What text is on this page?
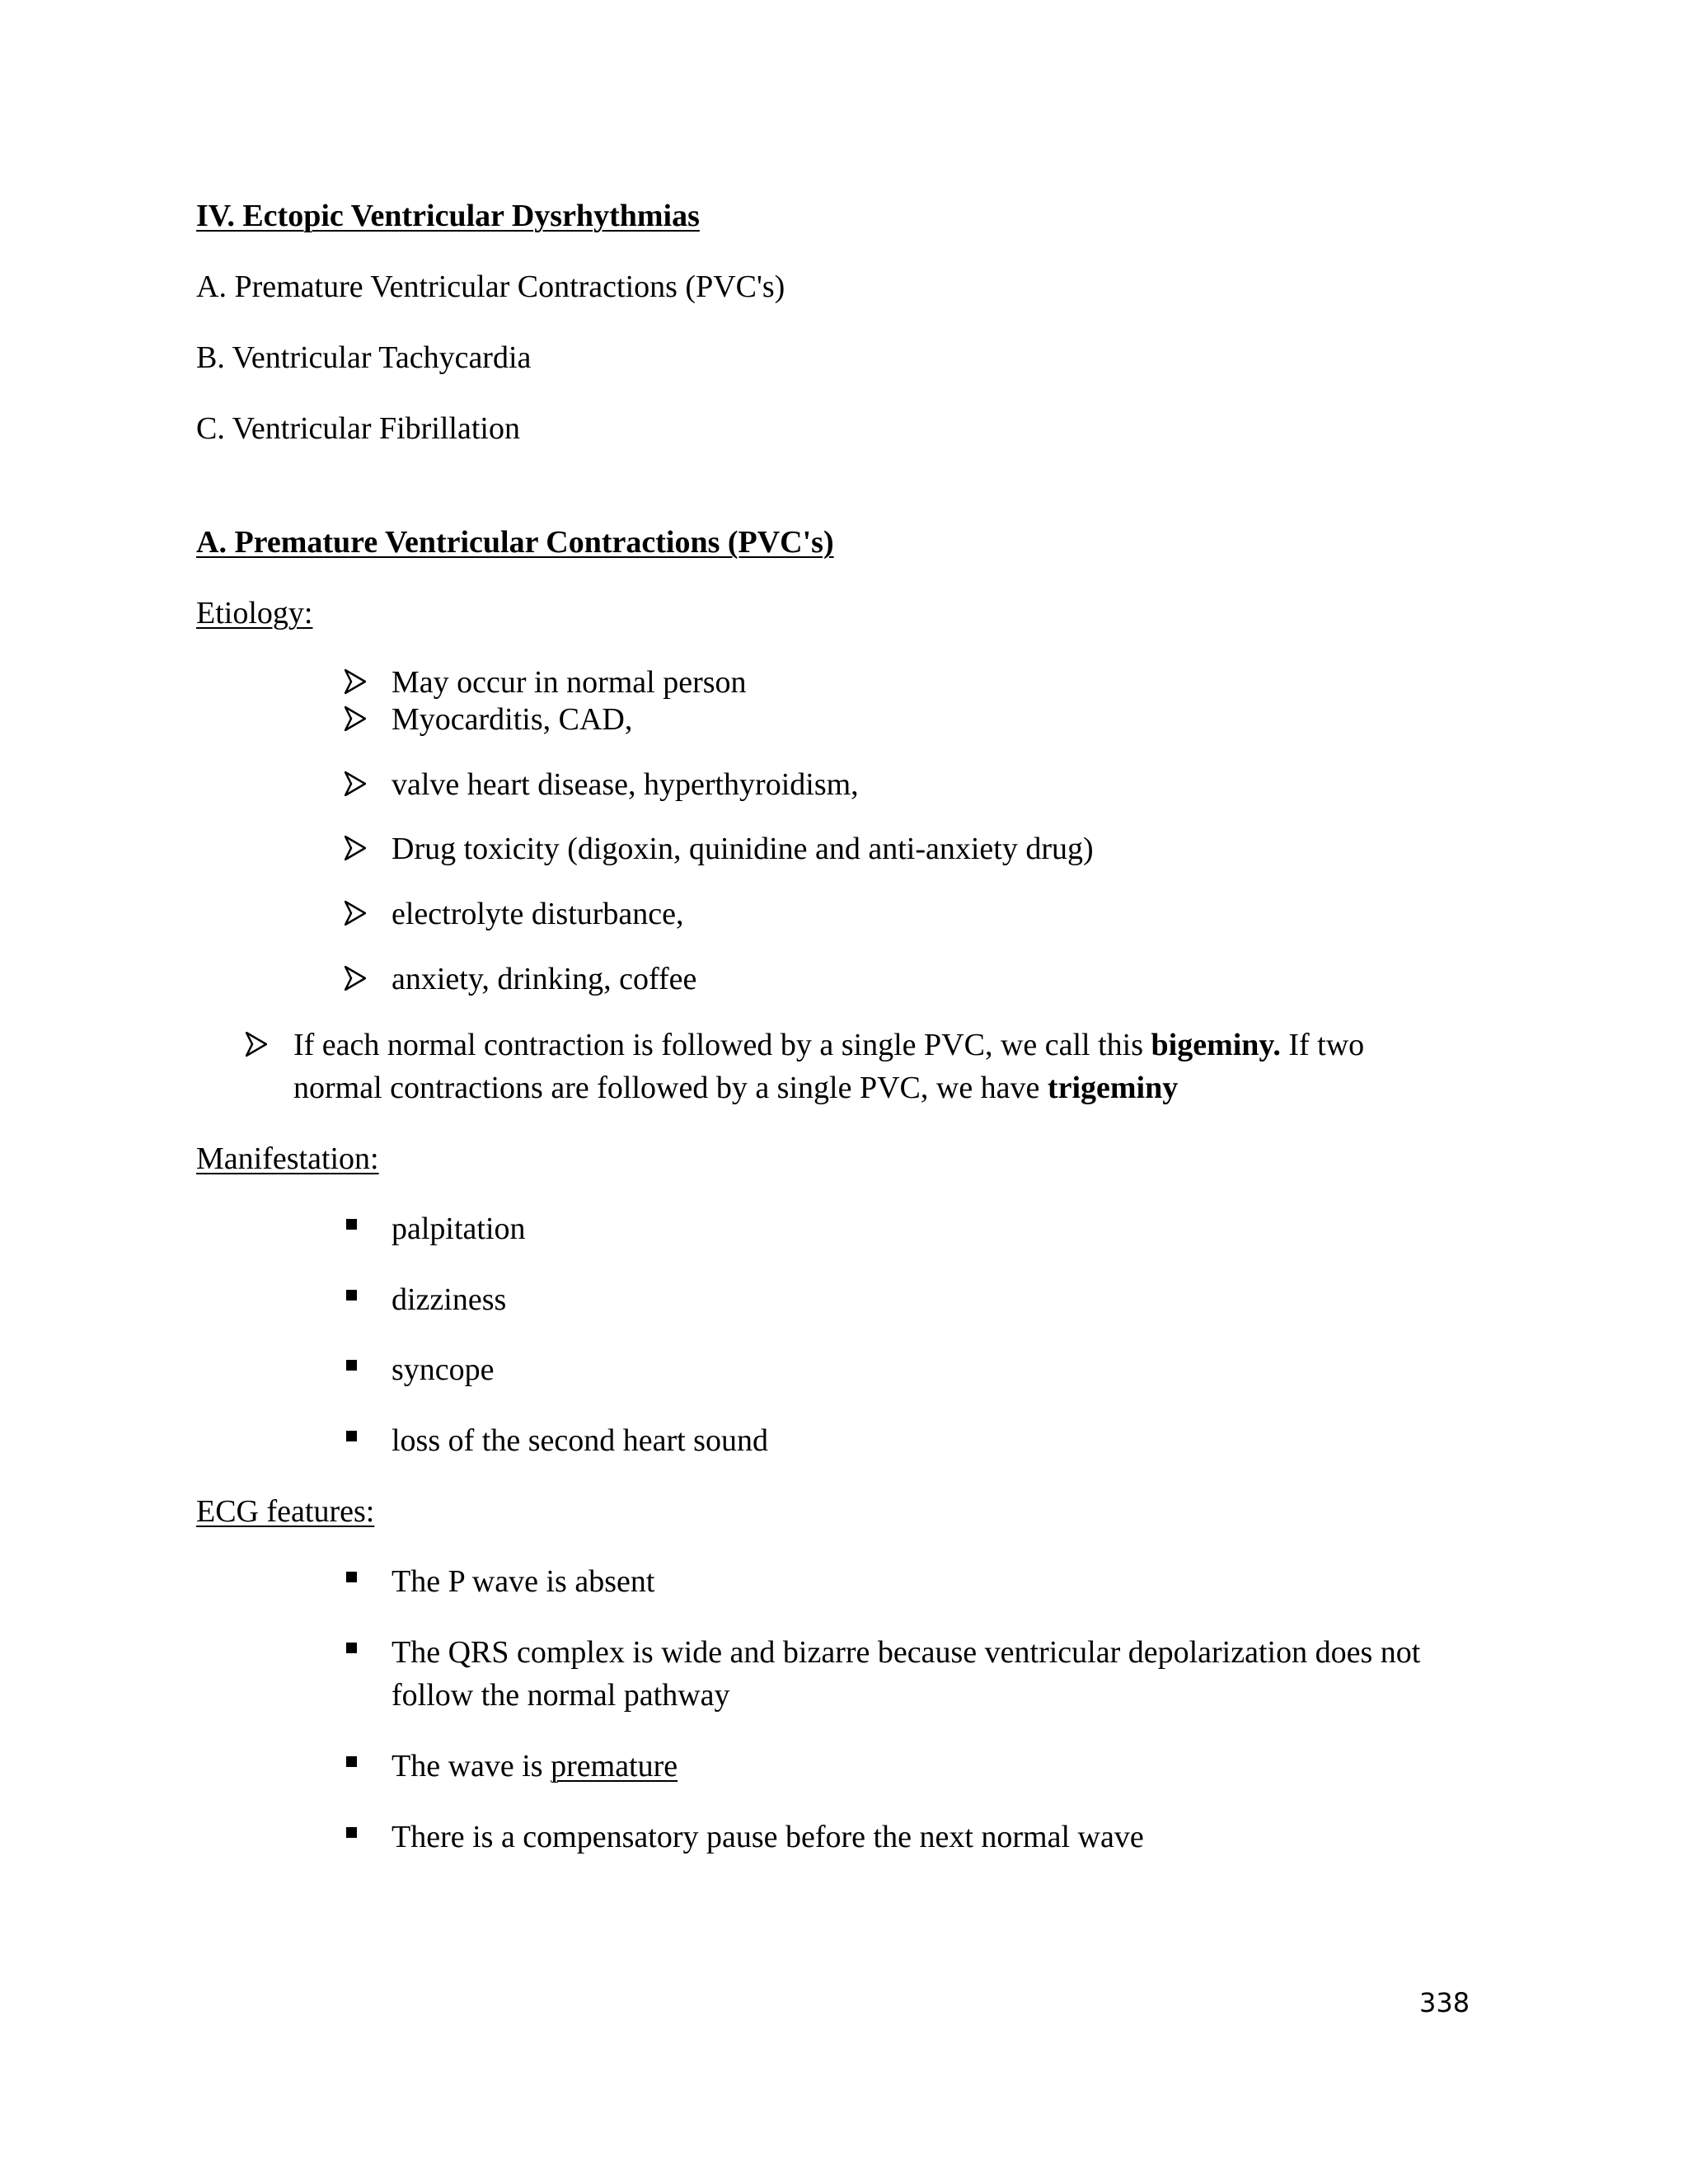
IV. Ectopic Ventricular Dysrhythmias
A. Premature Ventricular Contractions (PVC's)
B. Ventricular Tachycardia
C. Ventricular Fibrillation
A. Premature Ventricular Contractions (PVC's)
Etiology:
May occur in normal person
Myocarditis, CAD,
valve heart disease, hyperthyroidism,
Drug toxicity (digoxin, quinidine and anti-anxiety drug)
electrolyte disturbance,
anxiety, drinking, coffee
If each normal contraction is followed by a single PVC, we call this bigeminy. If two
normal contractions are followed by a single PVC, we have trigeminy
Manifestation:
palpitation
dizziness
syncope
loss of the second heart sound
ECG features:
The P wave is absent
The QRS complex is wide and bizarre because ventricular depolarization does not
follow the normal pathway
The wave is premature
There is a compensatory pause before the next normal wave
338
